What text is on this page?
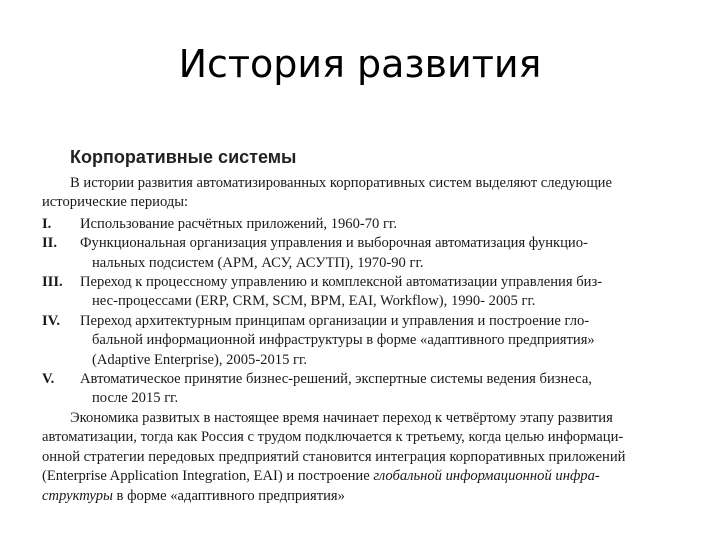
История развития
Корпоративные системы

В истории развития автоматизированных корпоративных систем выделяют следующие
исторические периоды:

I.	Использование расчётных приложений, 1960-70 гг.
II.	Функциональная организация управления и выборочная автоматизация функцио-
нальных подсистем (АРМ, АСУ, АСУТП), 1970-90 гг.
III.	Переход к процессному управлению и комплексной автоматизации управления биз-
нес-процессами (ERP, CRM, SCM, BPM, EAI, Workflow), 1990- 2005 гг.
IV.	Переход архитектурным принципам организации и управления и построение гло-
бальной информационной инфраструктуры в форме «адаптивного предприятия»
(Adaptive Enterprise), 2005-2015 гг.
V.	Автоматическое принятие бизнес-решений, экспертные системы ведения бизнеса,
после 2015 гг.

Экономика развитых в настоящее время начинает переход к четвёртому этапу развития
автоматизации, тогда как Россия с трудом подключается к третьему, когда целью информаци-
онной стратегии передовых предприятий становится интеграция корпоративных приложений
(Enterprise Application Integration, EAI) и построение глобальной информационной инфра-
структуры в форме «адаптивного предприятия»
